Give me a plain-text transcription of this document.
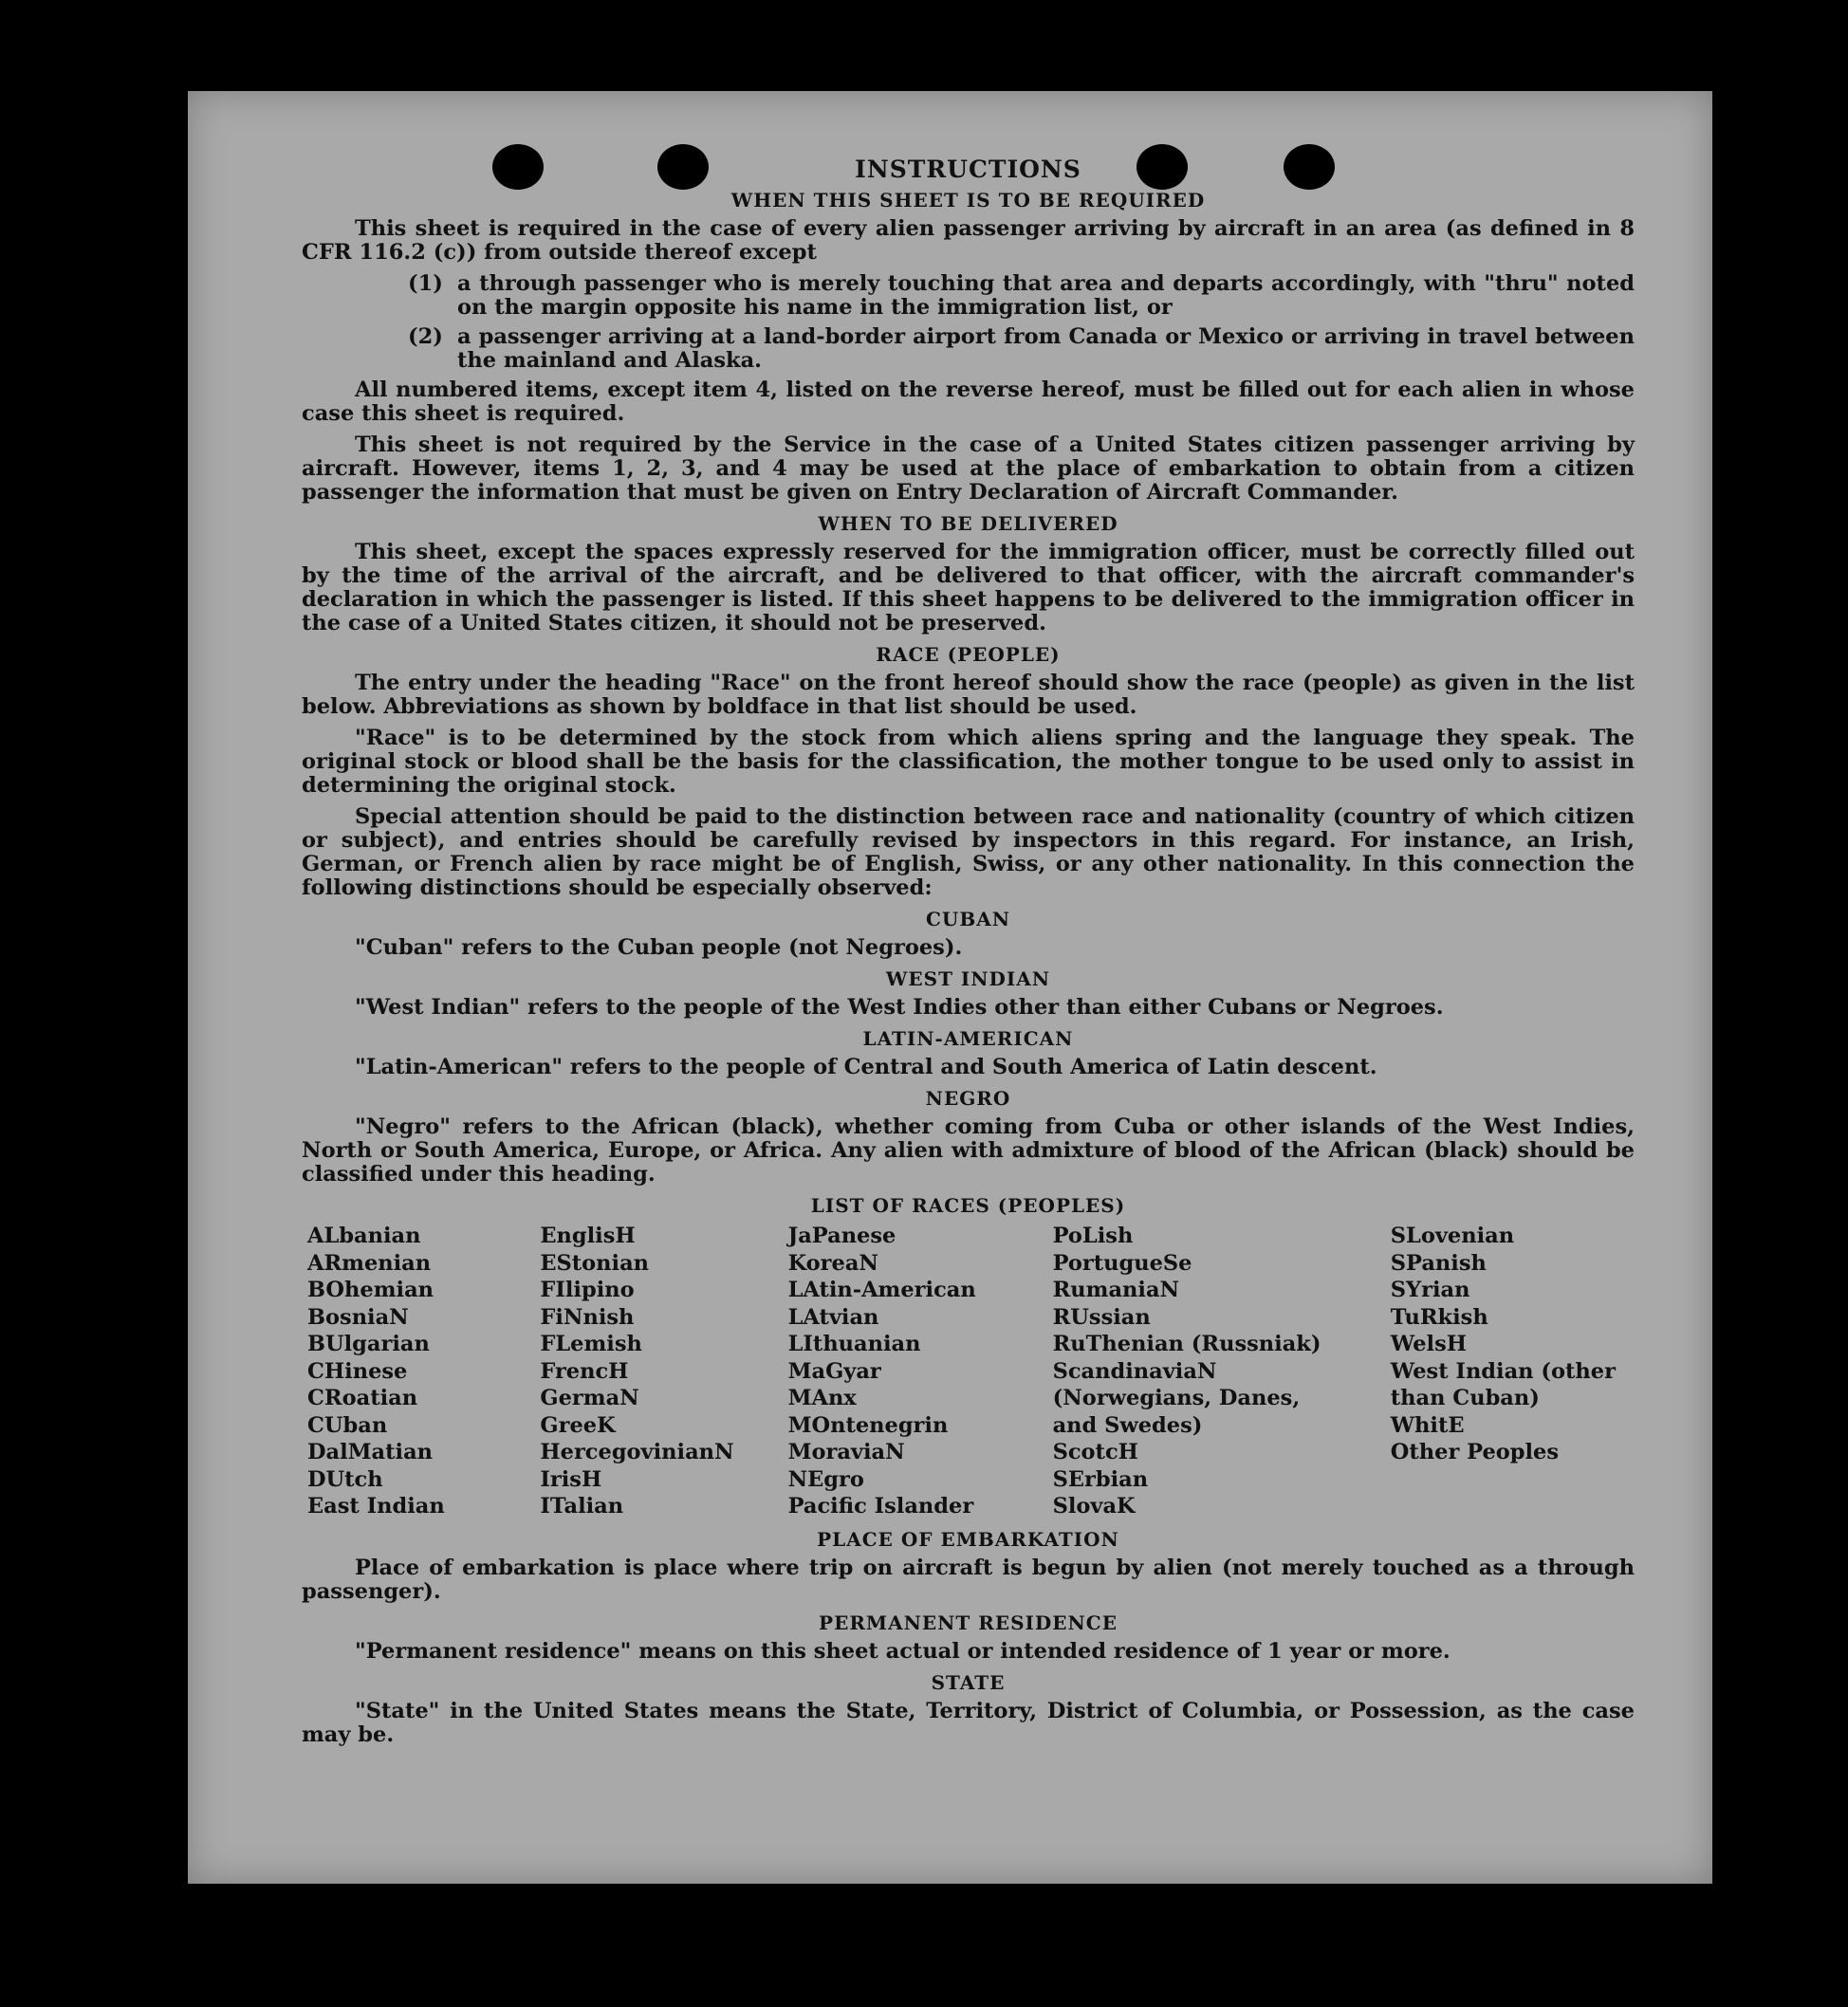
INSTRUCTIONS
WHEN THIS SHEET IS TO BE REQUIRED

This sheet is required in the case of every alien passenger arriving by aircraft in an area (as defined in 8 CFR 116.2 (c)) from outside thereof except

(1) a through passenger who is merely touching that area and departs accordingly, with "thru" noted on the margin opposite his name in the immigration list, or
(2) a passenger arriving at a land-border airport from Canada or Mexico or arriving in travel between the mainland and Alaska.

All numbered items, except item 4, listed on the reverse hereof, must be filled out for each alien in whose case this sheet is required.

This sheet is not required by the Service in the case of a United States citizen passenger arriving by aircraft. However, items 1, 2, 3, and 4 may be used at the place of embarkation to obtain from a citizen passenger the information that must be given on Entry Declaration of Aircraft Commander.

WHEN TO BE DELIVERED

This sheet, except the spaces expressly reserved for the immigration officer, must be correctly filled out by the time of the arrival of the aircraft, and be delivered to that officer, with the aircraft commander's declaration in which the passenger is listed. If this sheet happens to be delivered to the immigration officer in the case of a United States citizen, it should not be preserved.

RACE (PEOPLE)

The entry under the heading "Race" on the front hereof should show the race (people) as given in the list below. Abbreviations as shown by boldface in that list should be used.

"Race" is to be determined by the stock from which aliens spring and the language they speak. The original stock or blood shall be the basis for the classification, the mother tongue to be used only to assist in determining the original stock.

Special attention should be paid to the distinction between race and nationality (country of which citizen or subject), and entries should be carefully revised by inspectors in this regard. For instance, an Irish, German, or French alien by race might be of English, Swiss, or any other nationality. In this connection the following distinctions should be especially observed:

CUBAN

"Cuban" refers to the Cuban people (not Negroes).

WEST INDIAN

"West Indian" refers to the people of the West Indies other than either Cubans or Negroes.

LATIN-AMERICAN

"Latin-American" refers to the people of Central and South America of Latin descent.

NEGRO

"Negro" refers to the African (black), whether coming from Cuba or other islands of the West Indies, North or South America, Europe, or Africa. Any alien with admixture of blood of the African (black) should be classified under this heading.

LIST OF RACES (PEOPLES)
ALbanian
ARmenian
BOhemian
BosniaN
BUlgarian
CHinese
CRoatian
CUban
DalMatian
DUtch
East Indian
EnglisH
EStonian
FIlipino
FiNnish
FLemish
FrencH
GermaN
GreeK
HercegovinianN
IrisH
ITalian
JaPanese
KoreaN
LAtin-American
LAtvian
LIthuanian
MaGyar
MAnx
MOntenegrin
MoraviaN
NEgro
Pacific Islander
PoLish
PortugueSe
RumaniaN
RUssian
RuThenian (Russniak)
ScandinaviaN (Norwegians, Danes, and Swedes)
ScotcH
SErbian
SlovaK
SLovenian
SPanish
SYrian
TuRkish
WelsH
West Indian (other than Cuban)
WhitE
Other Peoples
PLACE OF EMBARKATION

Place of embarkation is place where trip on aircraft is begun by alien (not merely touched as a through passenger).

PERMANENT RESIDENCE

"Permanent residence" means on this sheet actual or intended residence of 1 year or more.

STATE

"State" in the United States means the State, Territory, District of Columbia, or Possession, as the case may be.
